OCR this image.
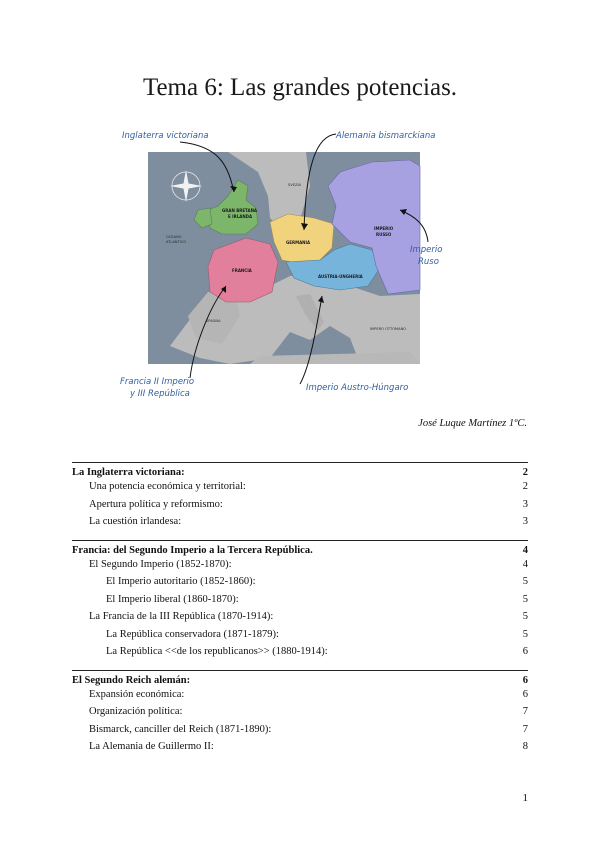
Tema 6: Las grandes potencias.
GRAN BRETAÑA
E IRLANDA
GERMANIA
IMPERIO
RUSSO
FRANCIA
AUSTRIA-UNGHERIA
IMPERO OTTOMANO
SVEZIA
SPAGNA
OCEANO
ATLANTICO
Inglaterra victoriana	Alemania bismarckiana
Imperio
Ruso
Francia II Imperio
y III República
Imperio Austro-Húngaro
José Luque Martínez 1ºC.
La Inglaterra victoriana:	2
Una potencia económica y territorial:	2
Apertura política y reformismo:	3
La cuestión irlandesa:	3
Francia: del Segundo Imperio a la Tercera República.	4
El Segundo Imperio (1852-1870):	4
El Imperio autoritario (1852-1860):	5
El Imperio liberal (1860-1870):	5
La Francia de la III República (1870-1914):	5
La República conservadora (1871-1879):	5
La República <<de los republicanos>> (1880-1914):	6
El Segundo Reich alemán:	6
Expansión económica:	6
Organización política:	7
Bismarck, canciller del Reich (1871-1890):	7
La Alemania de Guillermo II:	8
1
